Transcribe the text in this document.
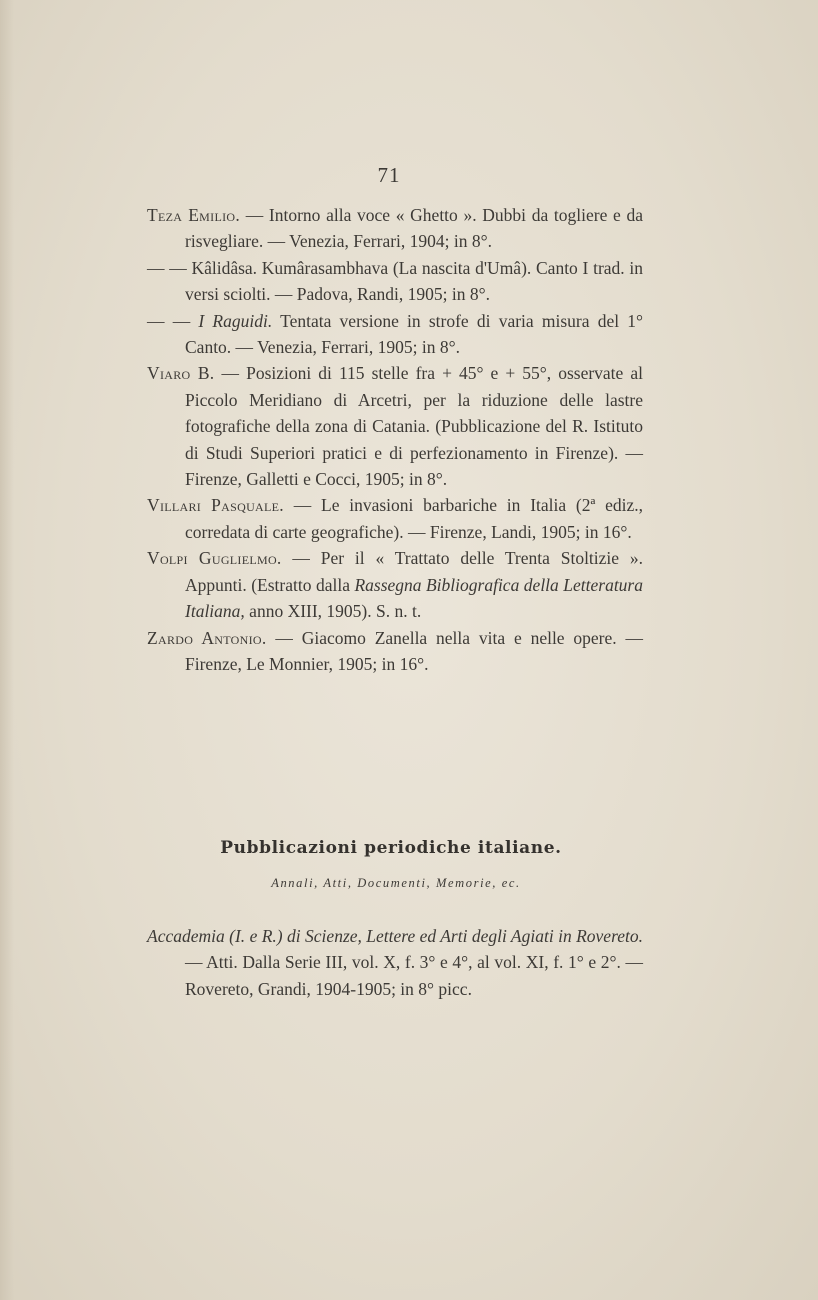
71

Teza Emilio. — Intorno alla voce « Ghetto ». Dubbi da togliere e da risvegliare. — Venezia, Ferrari, 1904; in 8°.

— — Kâlidâsa. Kumârasambhava (La nascita d'Umâ). Canto I trad. in versi sciolti. — Padova, Randi, 1905; in 8°.

— — I Raguidi. Tentata versione in strofe di varia misura del 1° Canto. — Venezia, Ferrari, 1905; in 8°.

Viaro B. — Posizioni di 115 stelle fra + 45° e + 55°, osservate al Piccolo Meridiano di Arcetri, per la riduzione delle lastre fotografiche della zona di Catania. (Pubblicazione del R. Istituto di Studi Superiori pratici e di perfezionamento in Firenze). — Firenze, Galletti e Cocci, 1905; in 8°.

Villari Pasquale. — Le invasioni barbariche in Italia (2ª ediz., corredata di carte geografiche). — Firenze, Landi, 1905; in 16°.

Volpi Guglielmo. — Per il « Trattato delle Trenta Stoltizie ». Appunti. (Estratto dalla Rassegna Bibliografica della Letteratura Italiana, anno XIII, 1905). S. n. t.

Zardo Antonio. — Giacomo Zanella nella vita e nelle opere. — Firenze, Le Monnier, 1905; in 16°.

Pubblicazioni periodiche italiane.
Annali, Atti, Documenti, Memorie, ec.

Accademia (I. e R.) di Scienze, Lettere ed Arti degli Agiati in Rovereto. — Atti. Dalla Serie III, vol. X, f. 3° e 4°, al vol. XI, f. 1° e 2°. — Rovereto, Grandi, 1904-1905; in 8° picc.
